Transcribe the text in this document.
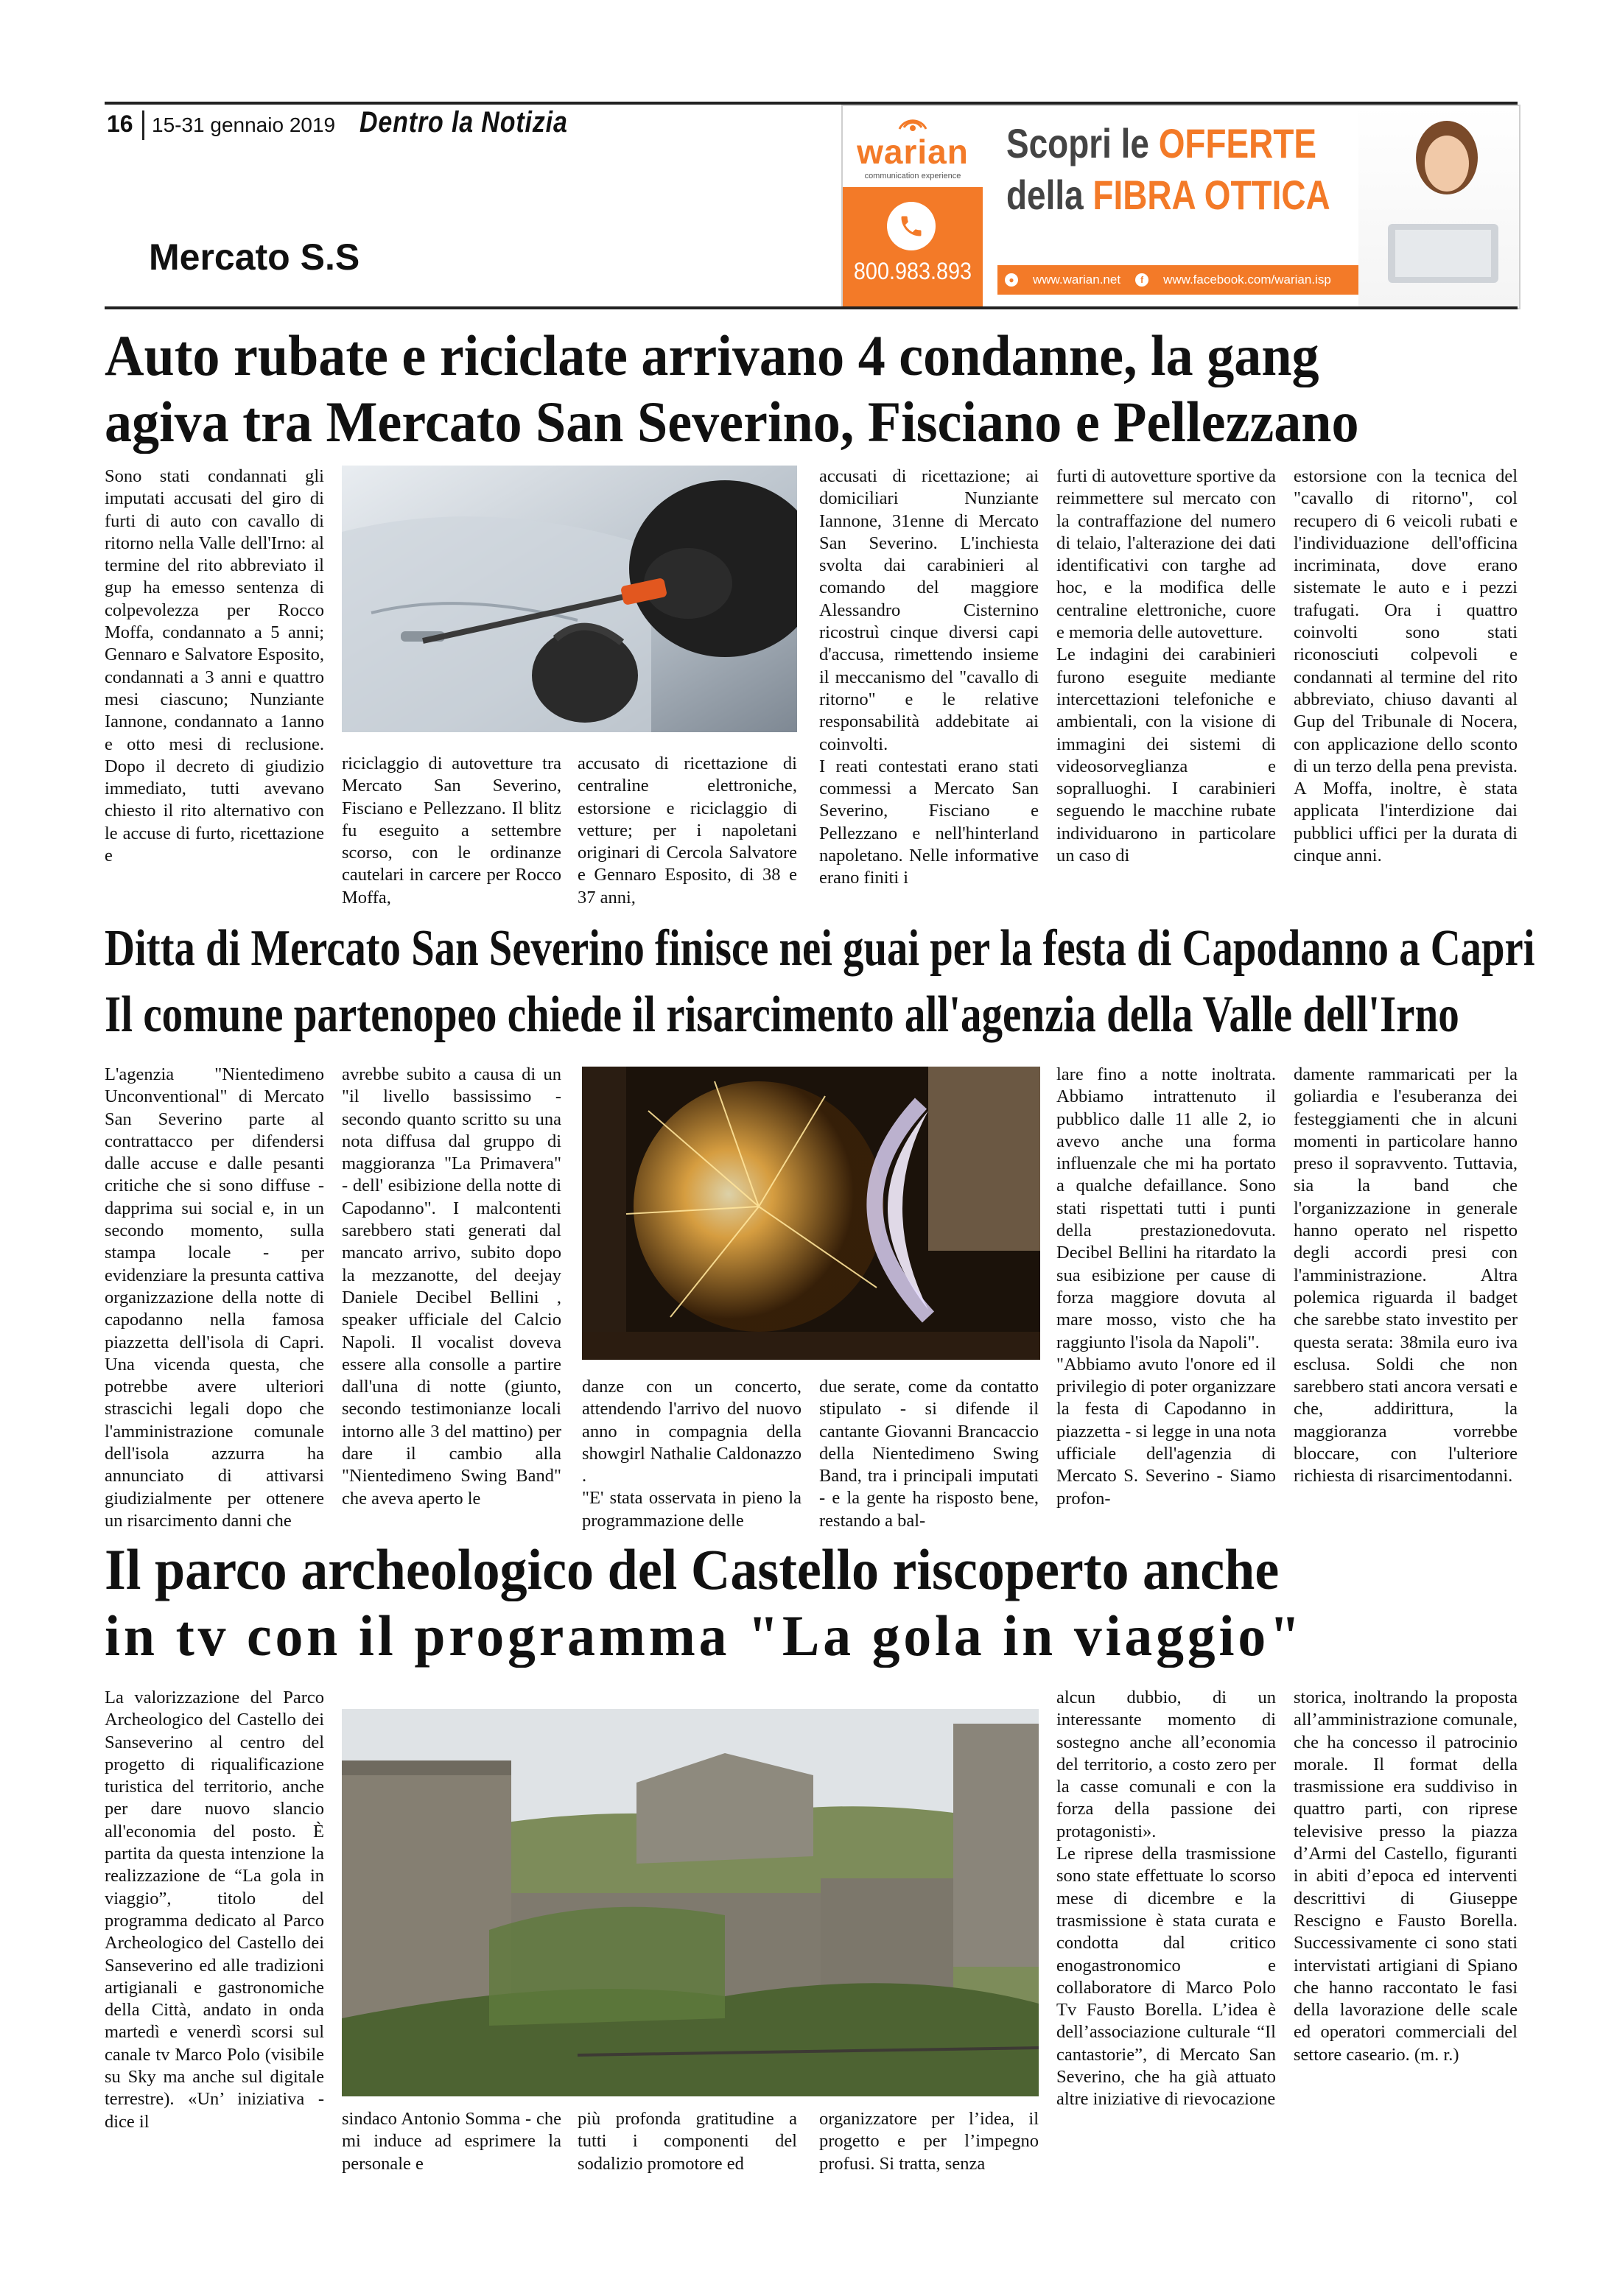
16 15-31 gennaio 2019 Dentro la Notizia
Mercato S.S
warian
communication experience
800.983.893
Scopri le OFFERTE
della FIBRA OTTICA
●	www.warian.net	f	www.facebook.com/warian.isp
Auto rubate e riciclate arrivano 4 condanne, la gang
agiva tra Mercato San Severino, Fisciano e Pellezzano

Sono stati condannati gli imputati accusati del giro di furti di auto con cavallo di ritorno nella Valle dell'Irno: al termine del rito abbreviato il gup ha emesso sentenza di colpevolezza per Rocco Moffa, condannato a 5 anni; Gennaro e Salvatore Esposito, condannati a 3 anni e quattro mesi ciascuno; Nunziante Iannone, condannato a 1anno e otto mesi di reclusione. Dopo il decreto di giudizio immediato, tutti avevano chiesto il rito alternativo con le accuse di furto, ricettazione e

riciclaggio di autovetture tra Mercato San Severino, Fisciano e Pellezzano. Il blitz fu eseguito a settembre scorso, con le ordinanze cautelari in carcere per Rocco Moffa,

accusato di ricettazione di centraline elettroniche, estorsione e riciclaggio di vetture; per i napoletani originari di Cercola Salvatore e Gennaro Esposito, di 38 e 37 anni,

accusati di ricettazione; ai domiciliari Nunziante Iannone, 31enne di Mercato San Severino. L'inchiesta svolta dai carabinieri al comando del maggiore Alessandro Cisternino ricostruì cinque diversi capi d'accusa, rimettendo insieme il meccanismo del "cavallo di ritorno" e le relative responsabilità addebitate ai coinvolti.

I reati contestati erano stati commessi a Mercato San Severino, Fisciano e Pellezzano e nell'hinterland napoletano. Nelle informative erano finiti i

furti di autovetture sportive da reimmettere sul mercato con la contraffazione del numero di telaio, l'alterazione dei dati identificativi con targhe ad hoc, e la modifica delle centraline elettroniche, cuore e memoria delle autovetture.

Le indagini dei carabinieri furono eseguite mediante intercettazioni telefoniche e ambientali, con la visione di immagini dei sistemi di videosorveglianza e sopralluoghi. I carabinieri seguendo le macchine rubate individuarono in particolare un caso di

estorsione con la tecnica del "cavallo di ritorno", col recupero di 6 veicoli rubati e l'individuazione dell'officina incriminata, dove erano sistemate le auto e i pezzi trafugati. Ora i quattro coinvolti sono stati riconosciuti colpevoli e condannati al termine del rito abbreviato, chiuso davanti al Gup del Tribunale di Nocera, con applicazione dello sconto di un terzo della pena prevista. A Moffa, inoltre, è stata applicata l'interdizione dai pubblici uffici per la durata di cinque anni.

Ditta di Mercato San Severino finisce nei guai per la festa di Capodanno a Capri
Il comune partenopeo chiede il risarcimento all'agenzia della Valle dell'Irno

L'agenzia "Nientedimeno Unconventional" di Mercato San Severino parte al contrattacco per difendersi dalle accuse e dalle pesanti critiche che si sono diffuse - dapprima sui social e, in un secondo momento, sulla stampa locale - per evidenziare la presunta cattiva organizzazione della notte di capodanno nella famosa piazzetta dell'isola di Capri. Una vicenda questa, che potrebbe avere ulteriori strascichi legali dopo che l'amministrazione comunale dell'isola azzurra ha annunciato di attivarsi giudizialmente per ottenere un risarcimento danni che

avrebbe subito a causa di un "il livello bassissimo - secondo quanto scritto su una nota diffusa dal gruppo di maggioranza "La Primavera" - dell' esibizione della notte di Capodanno". I malcontenti sarebbero stati generati dal mancato arrivo, subito dopo la mezzanotte, del deejay Daniele Decibel Bellini , speaker ufficiale del Calcio Napoli. Il vocalist doveva essere alla consolle a partire dall'una di notte (giunto, secondo testimonianze locali intorno alle 3 del mattino) per dare il cambio alla "Nientedimeno Swing Band" che aveva aperto le

danze con un concerto, attendendo l'arrivo del nuovo anno in compagnia della showgirl Nathalie Caldonazzo .

"E' stata osservata in pieno la programmazione delle

due serate, come da contatto stipulato - si difende il cantante Giovanni Brancaccio della Nientedimeno Swing Band, tra i principali imputati - e la gente ha risposto bene, restando a bal-

lare fino a notte inoltrata. Abbiamo intrattenuto il pubblico dalle 11 alle 2, io avevo anche una forma influenzale che mi ha portato a qualche defaillance. Sono stati rispettati tutti i punti della prestazionedovuta. Decibel Bellini ha ritardato la sua esibizione per cause di forza maggiore dovuta al mare mosso, visto che ha raggiunto l'isola da Napoli".

"Abbiamo avuto l'onore ed il privilegio di poter organizzare la festa di Capodanno in piazzetta - si legge in una nota ufficiale dell'agenzia di Mercato S. Severino - Siamo profon-

damente rammaricati per la goliardia e l'esuberanza dei festeggiamenti che in alcuni momenti in particolare hanno preso il sopravvento. Tuttavia, sia la band che l'organizzazione in generale hanno operato nel rispetto degli accordi presi con l'amministrazione. Altra polemica riguarda il badget che sarebbe stato investito per questa serata: 38mila euro iva esclusa. Soldi che non sarebbero stati ancora versati e che, addirittura, la maggioranza vorrebbe bloccare, con l'ulteriore richiesta di risarcimentodanni.

Il parco archeologico del Castello riscoperto anche
in tv con il programma "La gola in viaggio"

La valorizzazione del Parco Archeologico del Castello dei Sanseverino al centro del progetto di riqualificazione turistica del territorio, anche per dare nuovo slancio all'economia del posto. È partita da questa intenzione la realizzazione de “La gola in viaggio”, titolo del programma dedicato al Parco Archeologico del Castello dei Sanseverino ed alle tradizioni artigianali e gastronomiche della Città, andato in onda martedì e venerdì scorsi sul canale tv Marco Polo (visibile su Sky ma anche sul digitale terrestre). «Un’ iniziativa - dice il	sindaco Antonio Somma - che mi induce ad esprimere la personale e

più profonda gratitudine a tutti i componenti del sodalizio promotore ed

organizzatore per l’idea, il progetto e per l’impegno profusi. Si tratta, senza

alcun dubbio, di un interessante momento di sostegno anche all’economia del territorio, a costo zero per la casse comunali e con la forza della passione dei protagonisti».

Le riprese della trasmissione sono state effettuate lo scorso mese di dicembre e la trasmissione è stata curata e condotta dal critico enogastronomico e collaboratore di Marco Polo Tv Fausto Borella. L’idea è dell’associazione culturale “Il cantastorie”, di Mercato San Severino, che ha già attuato altre iniziative di rievocazione

storica, inoltrando la proposta all’amministrazione comunale, che ha concesso il patrocinio morale. Il format della trasmissione era suddiviso in quattro parti, con riprese televisive presso la piazza d’Armi del Castello, figuranti in abiti d’epoca ed interventi descrittivi di Giuseppe Rescigno e Fausto Borella. Successivamente ci sono stati intervistati artigiani di Spiano che hanno raccontato le fasi della lavorazione delle scale ed operatori commerciali del settore caseario. (m. r.)
